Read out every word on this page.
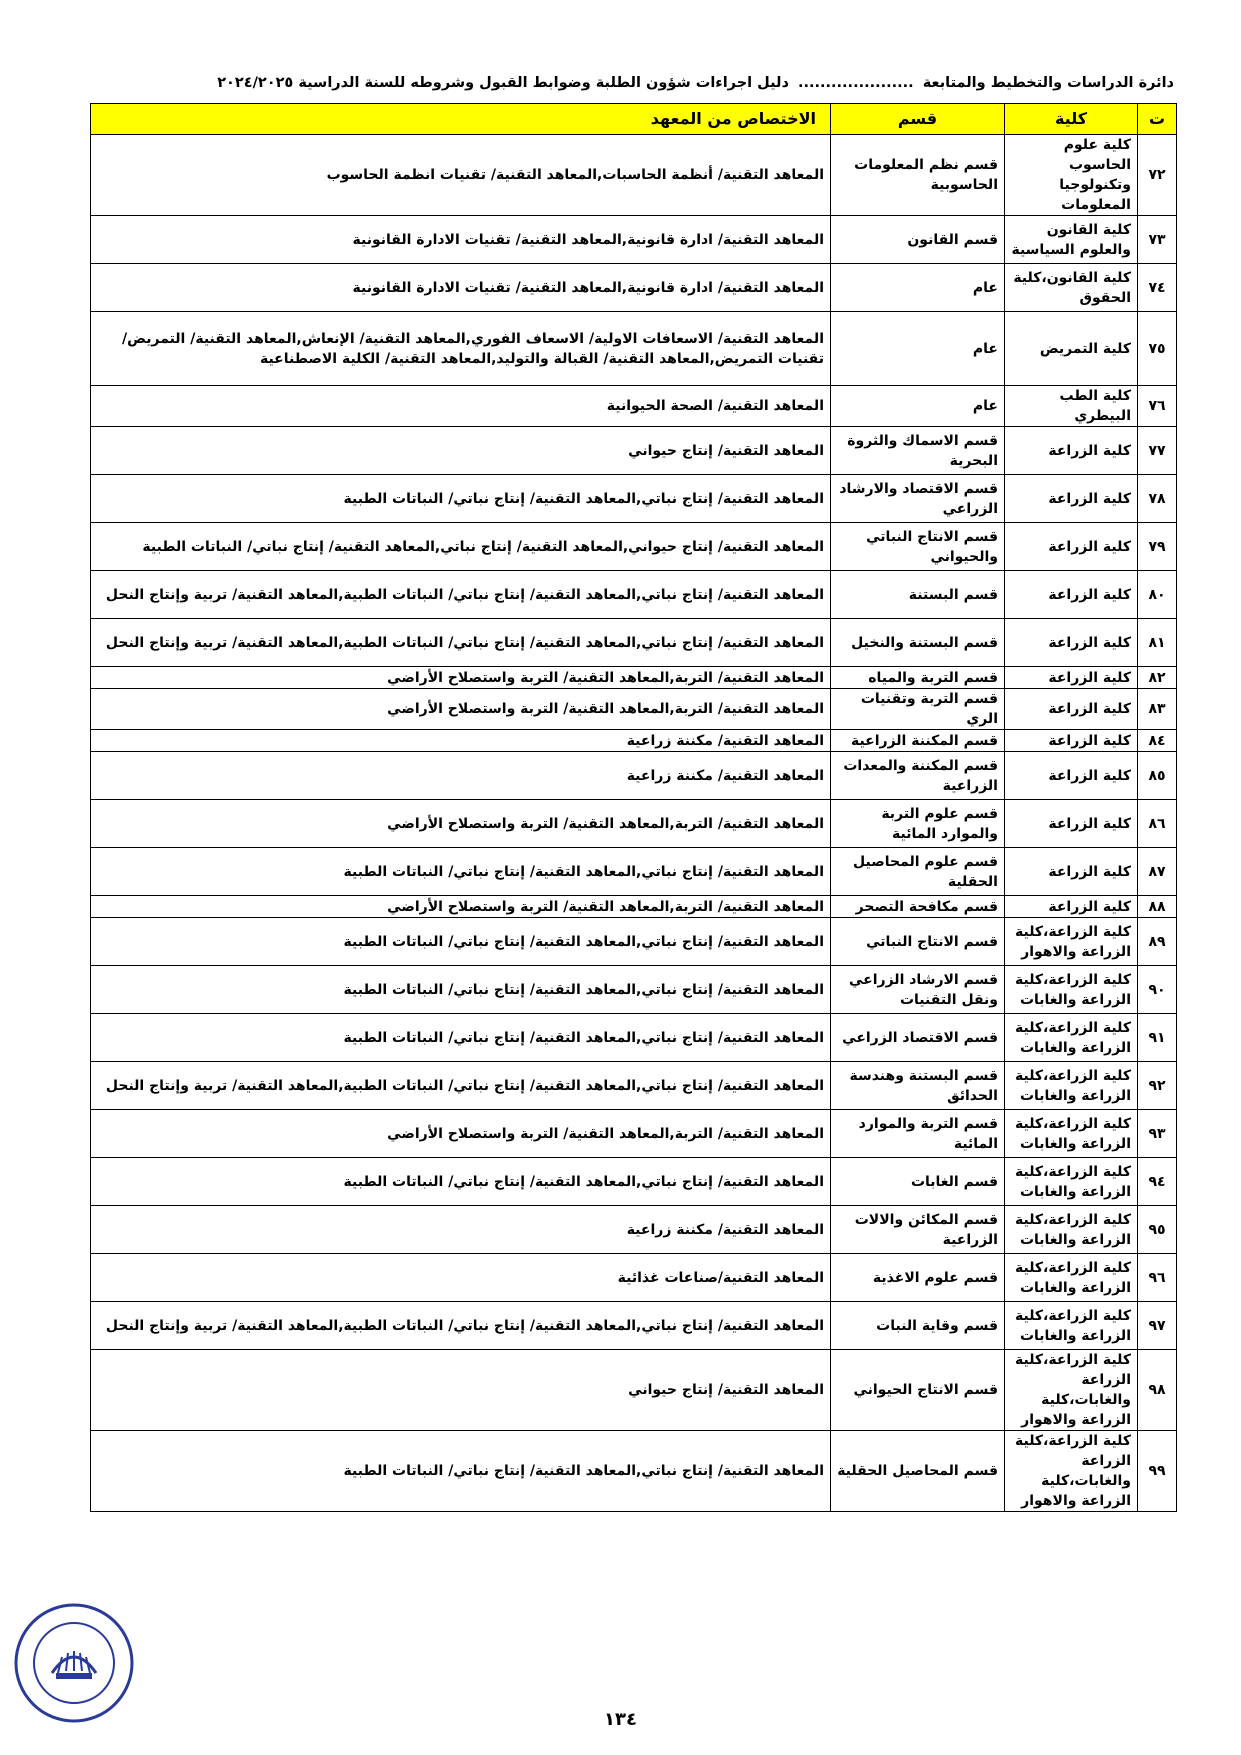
دائرة الدراسات والتخطيط والمتابعة ..................... دليل اجراءات شؤون الطلبة وضوابط القبول وشروطه للسنة الدراسية ٢٠٢٤/٢٠٢٥
ت	كلية	قسم	الاختصاص من المعهد
٧٢	كلية علوم الحاسوب وتكنولوجيا المعلومات	قسم نظم المعلومات الحاسوبية	المعاهد التقنية/ أنظمة الحاسبات,المعاهد التقنية/ تقنيات انظمة الحاسوب
٧٣	كلية القانون والعلوم السياسية	قسم القانون	المعاهد التقنية/ ادارة قانونية,المعاهد التقنية/ تقنيات الادارة القانونية
٧٤	كلية القانون،كلية الحقوق	عام	المعاهد التقنية/ ادارة قانونية,المعاهد التقنية/ تقنيات الادارة القانونية
٧٥	كلية التمريض	عام	المعاهد التقنية/ الاسعافات الاولية/ الاسعاف الفوري,المعاهد التقنية/ الإنعاش,المعاهد التقنية/ التمريض/تقنيات التمريض,المعاهد التقنية/ القبالة والتوليد,المعاهد التقنية/ الكلية الاصطناعية
٧٦	كلية الطب البيطري	عام	المعاهد التقنية/ الصحة الحيوانية
٧٧	كلية الزراعة	قسم الاسماك والثروة البحرية	المعاهد التقنية/ إنتاج حيواني
٧٨	كلية الزراعة	قسم الاقتصاد والارشاد الزراعي	المعاهد التقنية/ إنتاج نباتي,المعاهد التقنية/ إنتاج نباتي/ النباتات الطبية
٧٩	كلية الزراعة	قسم الانتاج النباتي والحيواني	المعاهد التقنية/ إنتاج حيواني,المعاهد التقنية/ إنتاج نباتي,المعاهد التقنية/ إنتاج نباتي/ النباتات الطبية
٨٠	كلية الزراعة	قسم البستنة	المعاهد التقنية/ إنتاج نباتي,المعاهد التقنية/ إنتاج نباتي/ النباتات الطبية,المعاهد التقنية/ تربية وإنتاج النحل
٨١	كلية الزراعة	قسم البستنة والنخيل	المعاهد التقنية/ إنتاج نباتي,المعاهد التقنية/ إنتاج نباتي/ النباتات الطبية,المعاهد التقنية/ تربية وإنتاج النحل
٨٢	كلية الزراعة	قسم التربة والمياه	المعاهد التقنية/ التربة,المعاهد التقنية/ التربة واستصلاح الأراضي
٨٣	كلية الزراعة	قسم التربة وتقنيات الري	المعاهد التقنية/ التربة,المعاهد التقنية/ التربة واستصلاح الأراضي
٨٤	كلية الزراعة	قسم المكننة الزراعية	المعاهد التقنية/ مكننة زراعية
٨٥	كلية الزراعة	قسم المكننة والمعدات الزراعية	المعاهد التقنية/ مكننة زراعية
٨٦	كلية الزراعة	قسم علوم التربة والموارد المائية	المعاهد التقنية/ التربة,المعاهد التقنية/ التربة واستصلاح الأراضي
٨٧	كلية الزراعة	قسم علوم المحاصيل الحقلية	المعاهد التقنية/ إنتاج نباتي,المعاهد التقنية/ إنتاج نباتي/ النباتات الطبية
٨٨	كلية الزراعة	قسم مكافحة التصحر	المعاهد التقنية/ التربة,المعاهد التقنية/ التربة واستصلاح الأراضي
٨٩	كلية الزراعة،كلية الزراعة والاهوار	قسم الانتاج النباتي	المعاهد التقنية/ إنتاج نباتي,المعاهد التقنية/ إنتاج نباتي/ النباتات الطبية
٩٠	كلية الزراعة،كلية الزراعة والغابات	قسم الارشاد الزراعي ونقل التقنيات	المعاهد التقنية/ إنتاج نباتي,المعاهد التقنية/ إنتاج نباتي/ النباتات الطبية
٩١	كلية الزراعة،كلية الزراعة والغابات	قسم الاقتصاد الزراعي	المعاهد التقنية/ إنتاج نباتي,المعاهد التقنية/ إنتاج نباتي/ النباتات الطبية
٩٢	كلية الزراعة،كلية الزراعة والغابات	قسم البستنة وهندسة الحدائق	المعاهد التقنية/ إنتاج نباتي,المعاهد التقنية/ إنتاج نباتي/ النباتات الطبية,المعاهد التقنية/ تربية وإنتاج النحل
٩٣	كلية الزراعة،كلية الزراعة والغابات	قسم التربة والموارد المائية	المعاهد التقنية/ التربة,المعاهد التقنية/ التربة واستصلاح الأراضي
٩٤	كلية الزراعة،كلية الزراعة والغابات	قسم الغابات	المعاهد التقنية/ إنتاج نباتي,المعاهد التقنية/ إنتاج نباتي/ النباتات الطبية
٩٥	كلية الزراعة،كلية الزراعة والغابات	قسم المكائن والالات الزراعية	المعاهد التقنية/ مكننة زراعية
٩٦	كلية الزراعة،كلية الزراعة والغابات	قسم علوم الاغذية	المعاهد التقنية/صناعات غذائية
٩٧	كلية الزراعة،كلية الزراعة والغابات	قسم وقاية النبات	المعاهد التقنية/ إنتاج نباتي,المعاهد التقنية/ إنتاج نباتي/ النباتات الطبية,المعاهد التقنية/ تربية وإنتاج النحل
٩٨	كلية الزراعة،كلية الزراعة والغابات،كلية الزراعة والاهوار	قسم الانتاج الحيواني	المعاهد التقنية/ إنتاج حيواني
٩٩	كلية الزراعة،كلية الزراعة والغابات،كلية الزراعة والاهوار	قسم المحاصيل الحقلية	المعاهد التقنية/ إنتاج نباتي,المعاهد التقنية/ إنتاج نباتي/ النباتات الطبية
١٣٤
